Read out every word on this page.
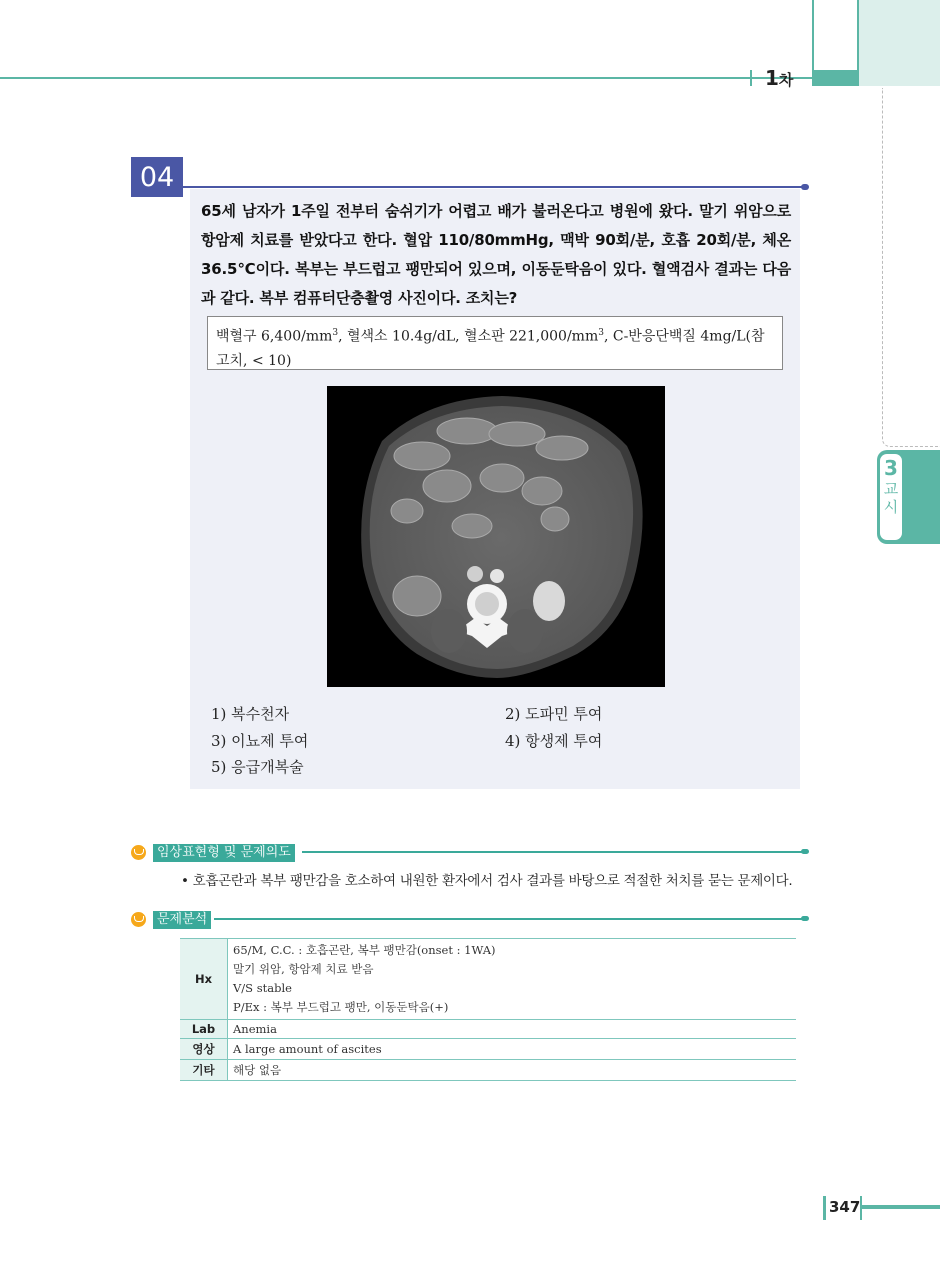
1차
3
교
시
04
65세 남자가 1주일 전부터 숨쉬기가 어렵고 배가 불러온다고 병원에 왔다. 말기 위암으로 항암제 치료를 받았다고 한다. 혈압 110/80mmHg, 맥박 90회/분, 호흡 20회/분, 체온 36.5℃이다. 복부는 부드럽고 팽만되어 있으며, 이동둔탁음이 있다. 혈액검사 결과는 다음과 같다. 복부 컴퓨터단층촬영 사진이다. 조치는?
백혈구 $6,400/mm^3$, 혈색소 10.4g/dL, 혈소판 $221,000/mm^3$, C-반응단백질 4mg/L(참고치, < 10)
1) 복수천자	2) 도파민 투여
3) 이뇨제 투여	4) 항생제 투여
5) 응급개복술
임상표현형 및 문제의도
• 호흡곤란과 복부 팽만감을 호소하여 내원한 환자에서 검사 결과를 바탕으로 적절한 처치를 묻는 문제이다.
문제분석
Hx	65/M, C.C. : 호흡곤란, 복부 팽만감(onset : 1WA)
말기 위암, 항암제 치료 받음
V/S stable
P/Ex : 복부 부드럽고 팽만, 이동둔탁음(+)

Lab	Anemia
영상	A large amount of ascites
기타	해당 없음
347
